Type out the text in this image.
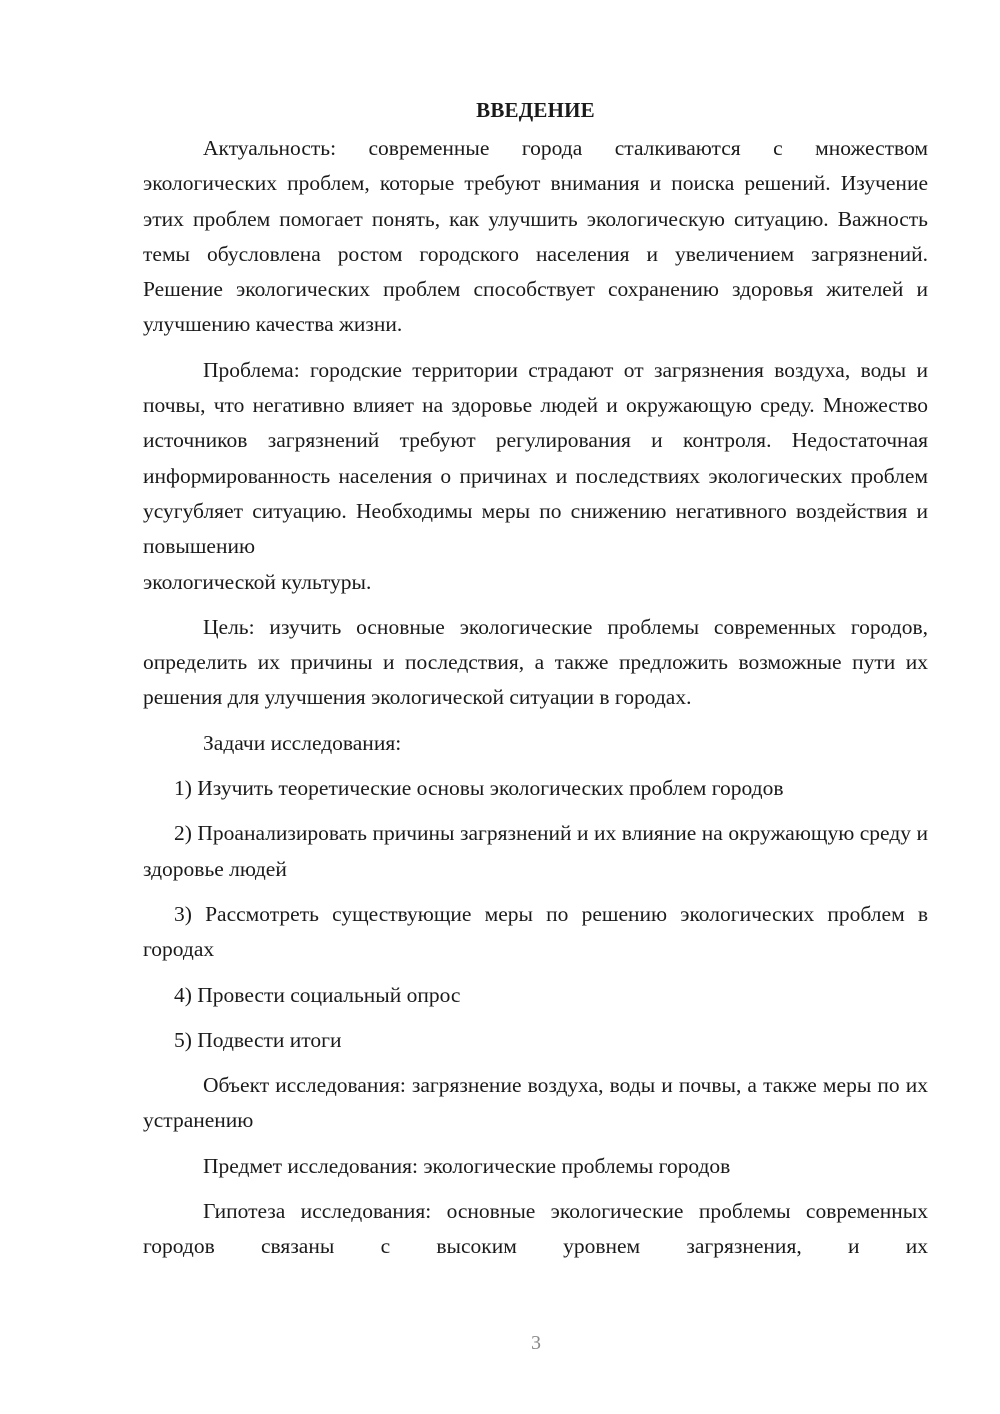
ВВЕДЕНИЕ

Актуальность: современные города сталкиваются с множеством экологических проблем, которые требуют внимания и поиска решений. Изучение этих проблем помогает понять, как улучшить экологическую ситуацию. Важность темы обусловлена ростом городского населения и увеличением загрязнений. Решение экологических проблем способствует сохранению здоровья жителей и улучшению качества жизни.

Проблема: городские территории страдают от загрязнения воздуха, воды и почвы, что негативно влияет на здоровье людей и окружающую среду. Множество источников загрязнений требуют регулирования и контроля. Недостаточная информированность населения о причинах и последствиях экологических проблем усугубляет ситуацию. Необходимы меры по снижению негативного воздействия и повышению

экологической культуры.

Цель: изучить основные экологические проблемы современных городов, определить их причины и последствия, а также предложить возможные пути их решения для улучшения экологической ситуации в городах.

Задачи исследования:

1) Изучить теоретические основы экологических проблем городов

2) Проанализировать причины загрязнений и их влияние на окружающую среду и здоровье людей

3) Рассмотреть существующие меры по решению экологических проблем в городах

4) Провести социальный опрос

5) Подвести итоги

Объект исследования: загрязнение воздуха, воды и почвы, а также меры по их устранению

Предмет исследования: экологические проблемы городов

Гипотеза исследования: основные экологические проблемы современных городов связаны с высоким уровнем загрязнения, и их

3
